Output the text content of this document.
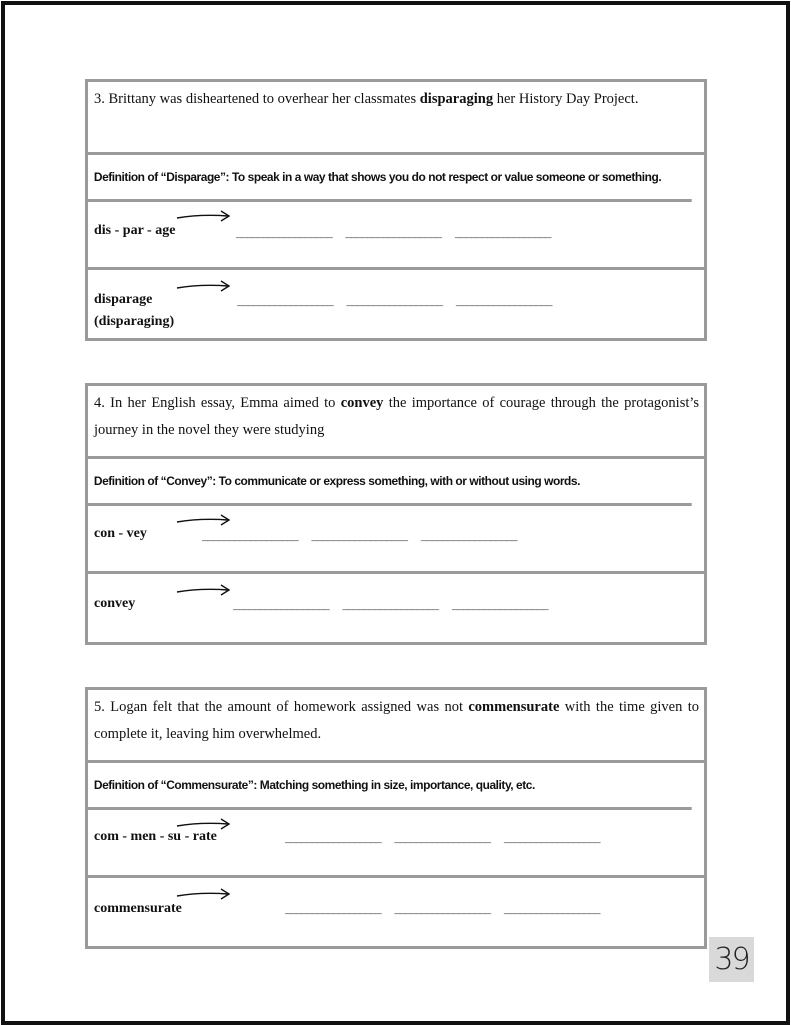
3. Brittany was disheartened to overhear her classmates disparaging her History Day Project.
Definition of “Disparage”: To speak in a way that shows you do not respect or value someone or something.
dis - par - age	__________________ __________________ __________________
disparage
(disparaging)
__________________ __________________ __________________
4. In her English essay, Emma aimed to convey the importance of courage through the protagonist’s journey in the novel they were studying
Definition of “Convey”: To communicate or express something, with or without using words.
con - vey	__________________ __________________ __________________
convey	__________________ __________________ __________________
5. Logan felt that the amount of homework assigned was not commensurate with the time given to complete it, leaving him overwhelmed.
Definition of “Commensurate”: Matching something in size, importance, quality, etc.
com - men - su - rate	__________________ __________________ __________________
commensurate	__________________ __________________ __________________
39
